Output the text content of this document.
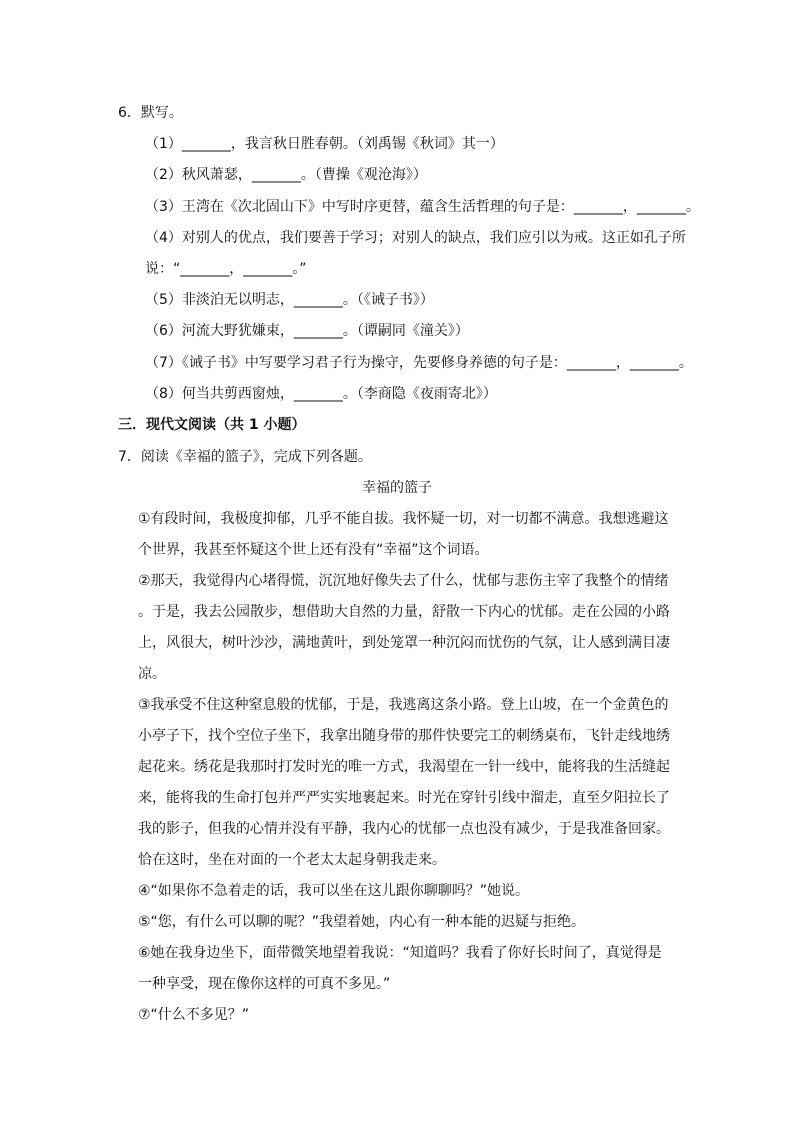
6．默写。
（1）_______，我言秋日胜春朝。（刘禹锡《秋词》其一）
（2）秋风萧瑟，_______。（曹操《观沧海》）
（3）王湾在《次北固山下》中写时序更替，蕴含生活哲理的句子是：_______，_______。
（4）对别人的优点，我们要善于学习；对别人的缺点，我们应引以为戒。这正如孔子所
说：“_______，_______。”
（5）非淡泊无以明志，_______。（《诫子书》）
（6）河流大野犹嫌束，_______。（谭嗣同《潼关》）
（7）《诫子书》中写要学习君子行为操守，先要修身养德的句子是：_______，_______。
（8）何当共剪西窗烛，_______。（李商隐《夜雨寄北》）
三．现代文阅读（共 1 小题）
7．阅读《幸福的篮子》，完成下列各题。
幸福的篮子
①有段时间，我极度抑郁，几乎不能自拔。我怀疑一切，对一切都不满意。我想逃避这
个世界，我甚至怀疑这个世上还有没有“幸福”这个词语。
②那天，我觉得内心堵得慌，沉沉地好像失去了什么，忧郁与悲伤主宰了我整个的情绪
。于是，我去公园散步，想借助大自然的力量，舒散一下内心的忧郁。走在公园的小路
上，风很大，树叶沙沙，满地黄叶，到处笼罩一种沉闷而忧伤的气氛，让人感到满目凄
凉。
③我承受不住这种窒息般的忧郁，于是，我逃离这条小路。登上山坡，在一个金黄色的
小亭子下，找个空位子坐下，我拿出随身带的那件快要完工的刺绣桌布，飞针走线地绣
起花来。绣花是我那时打发时光的唯一方式，我渴望在一针一线中，能将我的生活缝起
来，能将我的生命打包并严严实实地裹起来。时光在穿针引线中溜走，直至夕阳拉长了
我的影子，但我的心情并没有平静，我内心的忧郁一点也没有减少，于是我准备回家。
恰在这时，坐在对面的一个老太太起身朝我走来。
④“如果你不急着走的话，我可以坐在这儿跟你聊聊吗？”她说。
⑤“您，有什么可以聊的呢？”我望着她，内心有一种本能的迟疑与拒绝。
⑥她在我身边坐下，面带微笑地望着我说：“知道吗？我看了你好长时间了，真觉得是
一种享受，现在像你这样的可真不多见。”
⑦“什么不多见？”
